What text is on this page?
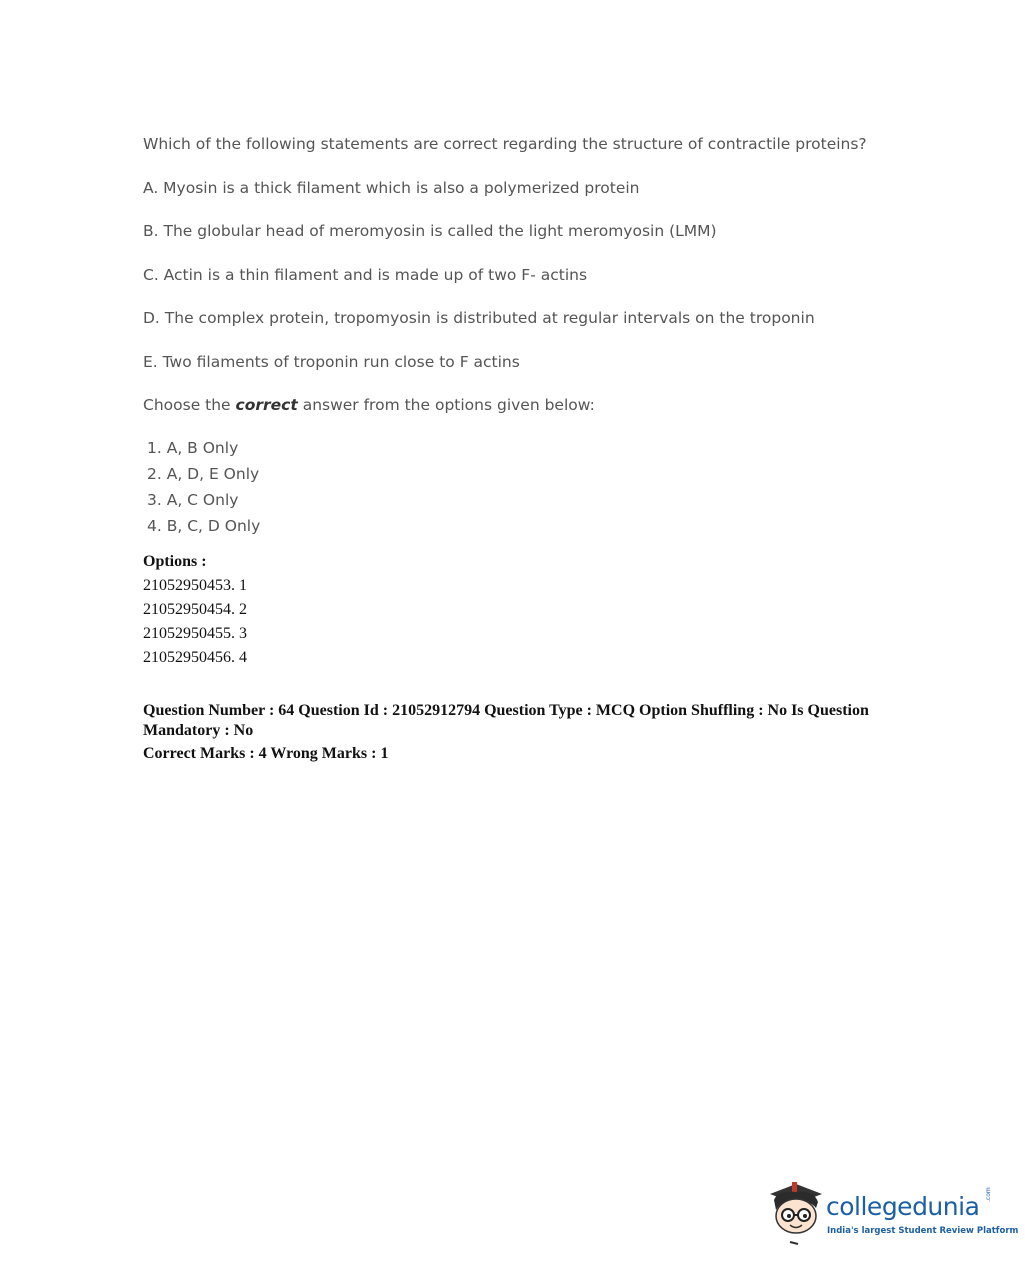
Which of the following statements are correct regarding the structure of contractile proteins?

A. Myosin is a thick filament which is also a polymerized protein

B. The globular head of meromyosin is called the light meromyosin (LMM)

C. Actin is a thin filament and is made up of two F- actins

D. The complex protein, tropomyosin is distributed at regular intervals on the troponin

E. Two filaments of troponin run close to F actins

Choose the correct answer from the options given below:

1. A, B Only
2. A, D, E Only
3. A, C Only
4. B, C, D Only
Options :
21052950453. 1
21052950454. 2
21052950455. 3
21052950456. 4

Question Number : 64 Question Id : 21052912794 Question Type : MCQ Option Shuffling : No Is Question Mandatory : No

Correct Marks : 4 Wrong Marks : 1

collegedunia .com
India's largest Student Review Platform
